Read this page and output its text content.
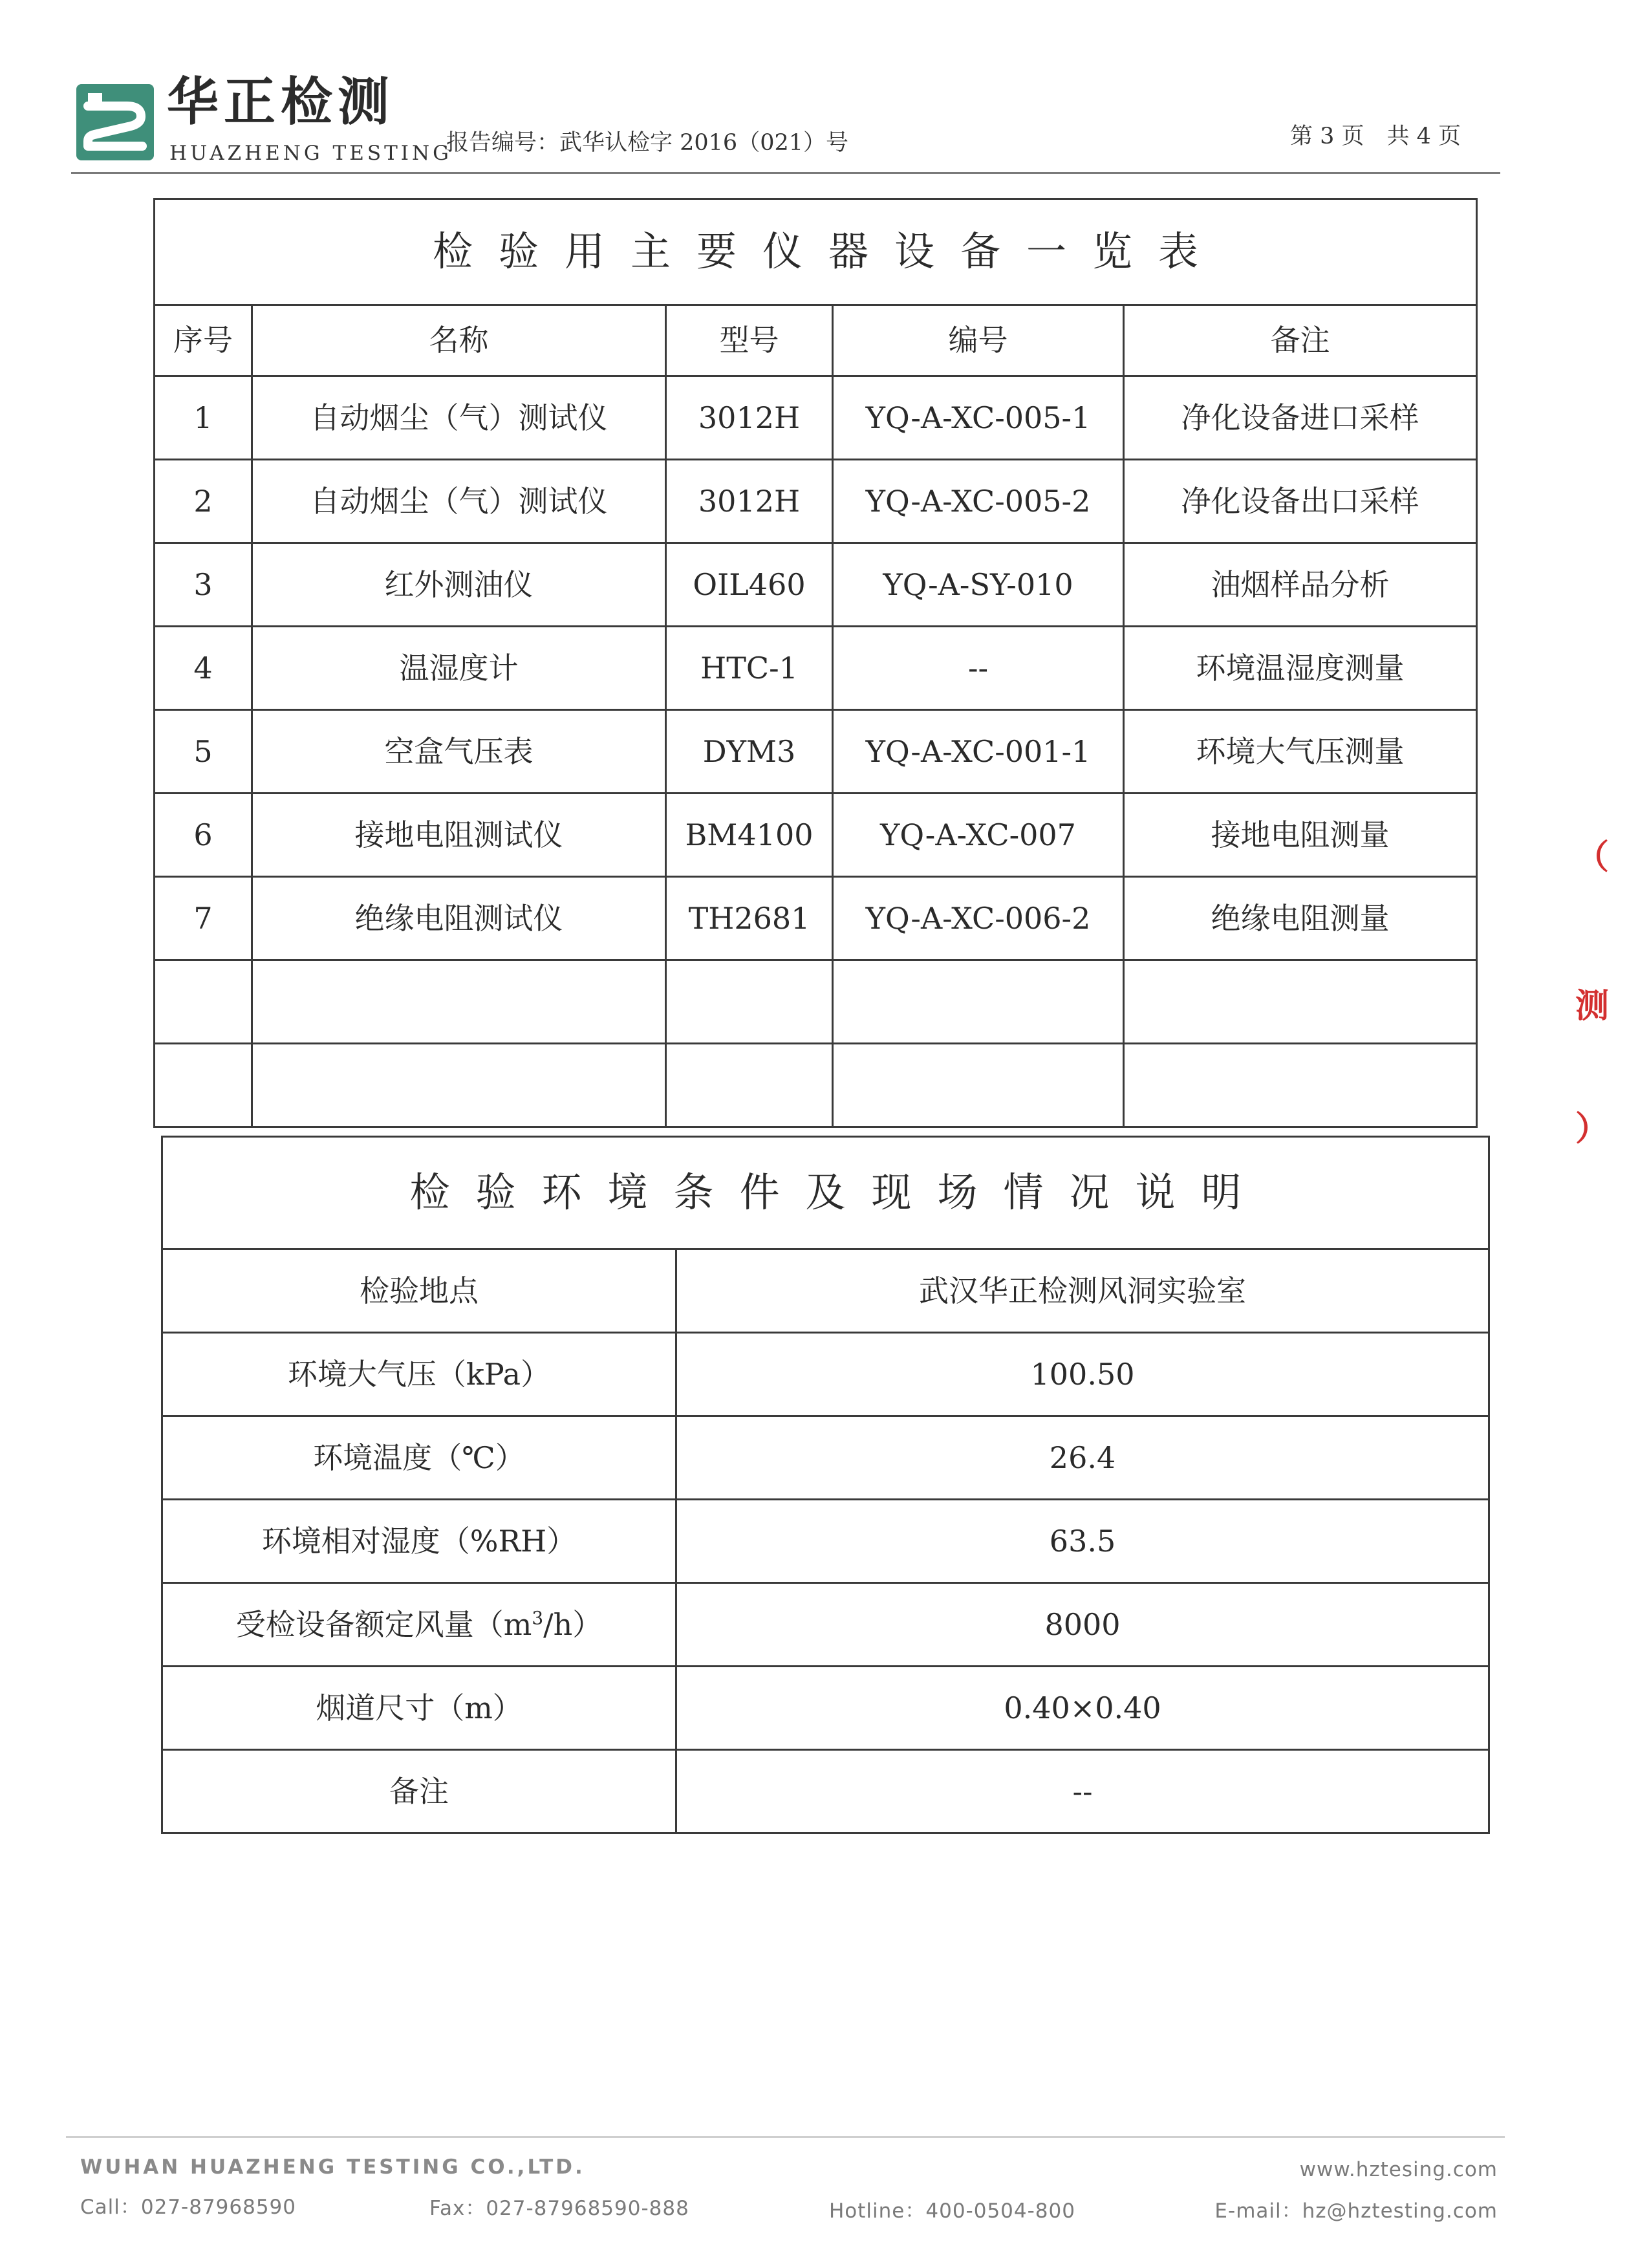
华正检测
HUAZHENG TESTING
报告编号：武华认检字 2016（021）号	第 3 页　共 4 页
检验用主要仪器设备一览表				
序号	名称	型号	编号	备注
1	自动烟尘（气）测试仪	3012H	YQ-A-XC-005-1	净化设备进口采样
2	自动烟尘（气）测试仪	3012H	YQ-A-XC-005-2	净化设备出口采样
3	红外测油仪	OIL460	YQ-A-SY-010	油烟样品分析
4	温湿度计	HTC-1	--	环境温湿度测量
5	空盒气压表	DYM3	YQ-A-XC-001-1	环境大气压测量
6	接地电阻测试仪	BM4100	YQ-A-XC-007	接地电阻测量
7	绝缘电阻测试仪	TH2681	YQ-A-XC-006-2	绝缘电阻测量

检验环境条件及现场情况说明	
检验地点	武汉华正检测风洞实验室
环境大气压（kPa）	100.50
环境温度（℃）	26.4
环境相对湿度（%RH）	63.5
受检设备额定风量$(m^3/h)$	8000
烟道尺寸（m）	0.40×0.40
备注	--
（
测
）
WUHAN HUAZHENG TESTING CO.,LTD.	www.hztesing.com
Call：027-87968590	Fax：027-87968590-888	Hotline：400-0504-800	E-mail：hz@hztesting.com
